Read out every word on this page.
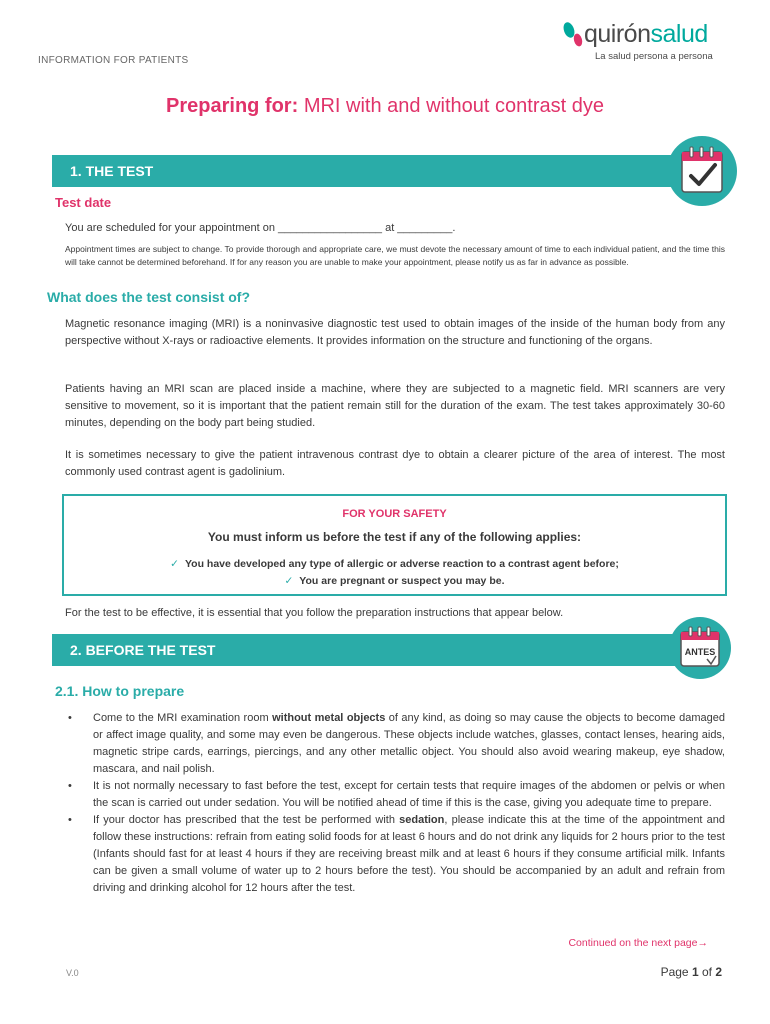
INFORMATION FOR PATIENTS
quirónsalud
La salud persona a persona
Preparing for: MRI with and without contrast dye
1. THE TEST
Test date
You are scheduled for your appointment on _________________ at _________.
Appointment times are subject to change. To provide thorough and appropriate care, we must devote the necessary amount of time to each individual patient, and the time this will take cannot be determined beforehand. If for any reason you are unable to make your appointment, please notify us as far in advance as possible.
What does the test consist of?
Magnetic resonance imaging (MRI) is a noninvasive diagnostic test used to obtain images of the inside of the human body from any perspective without X-rays or radioactive elements. It provides information on the structure and functioning of the organs.
Patients having an MRI scan are placed inside a machine, where they are subjected to a magnetic field. MRI scanners are very sensitive to movement, so it is important that the patient remain still for the duration of the exam. The test takes approximately 30-60 minutes, depending on the body part being studied.
It is sometimes necessary to give the patient intravenous contrast dye to obtain a clearer picture of the area of interest. The most commonly used contrast agent is gadolinium.
FOR YOUR SAFETY
You must inform us before the test if any of the following applies:
✓ You have developed any type of allergic or adverse reaction to a contrast agent before;
✓ You are pregnant or suspect you may be.
For the test to be effective, it is essential that you follow the preparation instructions that appear below.
2. BEFORE THE TEST	ANTES
2.1. How to prepare
• Come to the MRI examination room without metal objects of any kind, as doing so may cause the objects to become damaged or affect image quality, and some may even be dangerous. These objects include watches, glasses, contact lenses, hearing aids, magnetic stripe cards, earrings, piercings, and any other metallic object. You should also avoid wearing makeup, eye shadow, mascara, and nail polish.
• It is not normally necessary to fast before the test, except for certain tests that require images of the abdomen or pelvis or when the scan is carried out under sedation. You will be notified ahead of time if this is the case, giving you adequate time to prepare.
• If your doctor has prescribed that the test be performed with sedation, please indicate this at the time of the appointment and follow these instructions: refrain from eating solid foods for at least 6 hours and do not drink any liquids for 2 hours prior to the test (Infants should fast for at least 4 hours if they are receiving breast milk and at least 6 hours if they consume artificial milk. Infants can be given a small volume of water up to 2 hours before the test). You should be accompanied by an adult and refrain from driving and drinking alcohol for 12 hours after the test.
Continued on the next page→
V.0	Page 1 of 2
